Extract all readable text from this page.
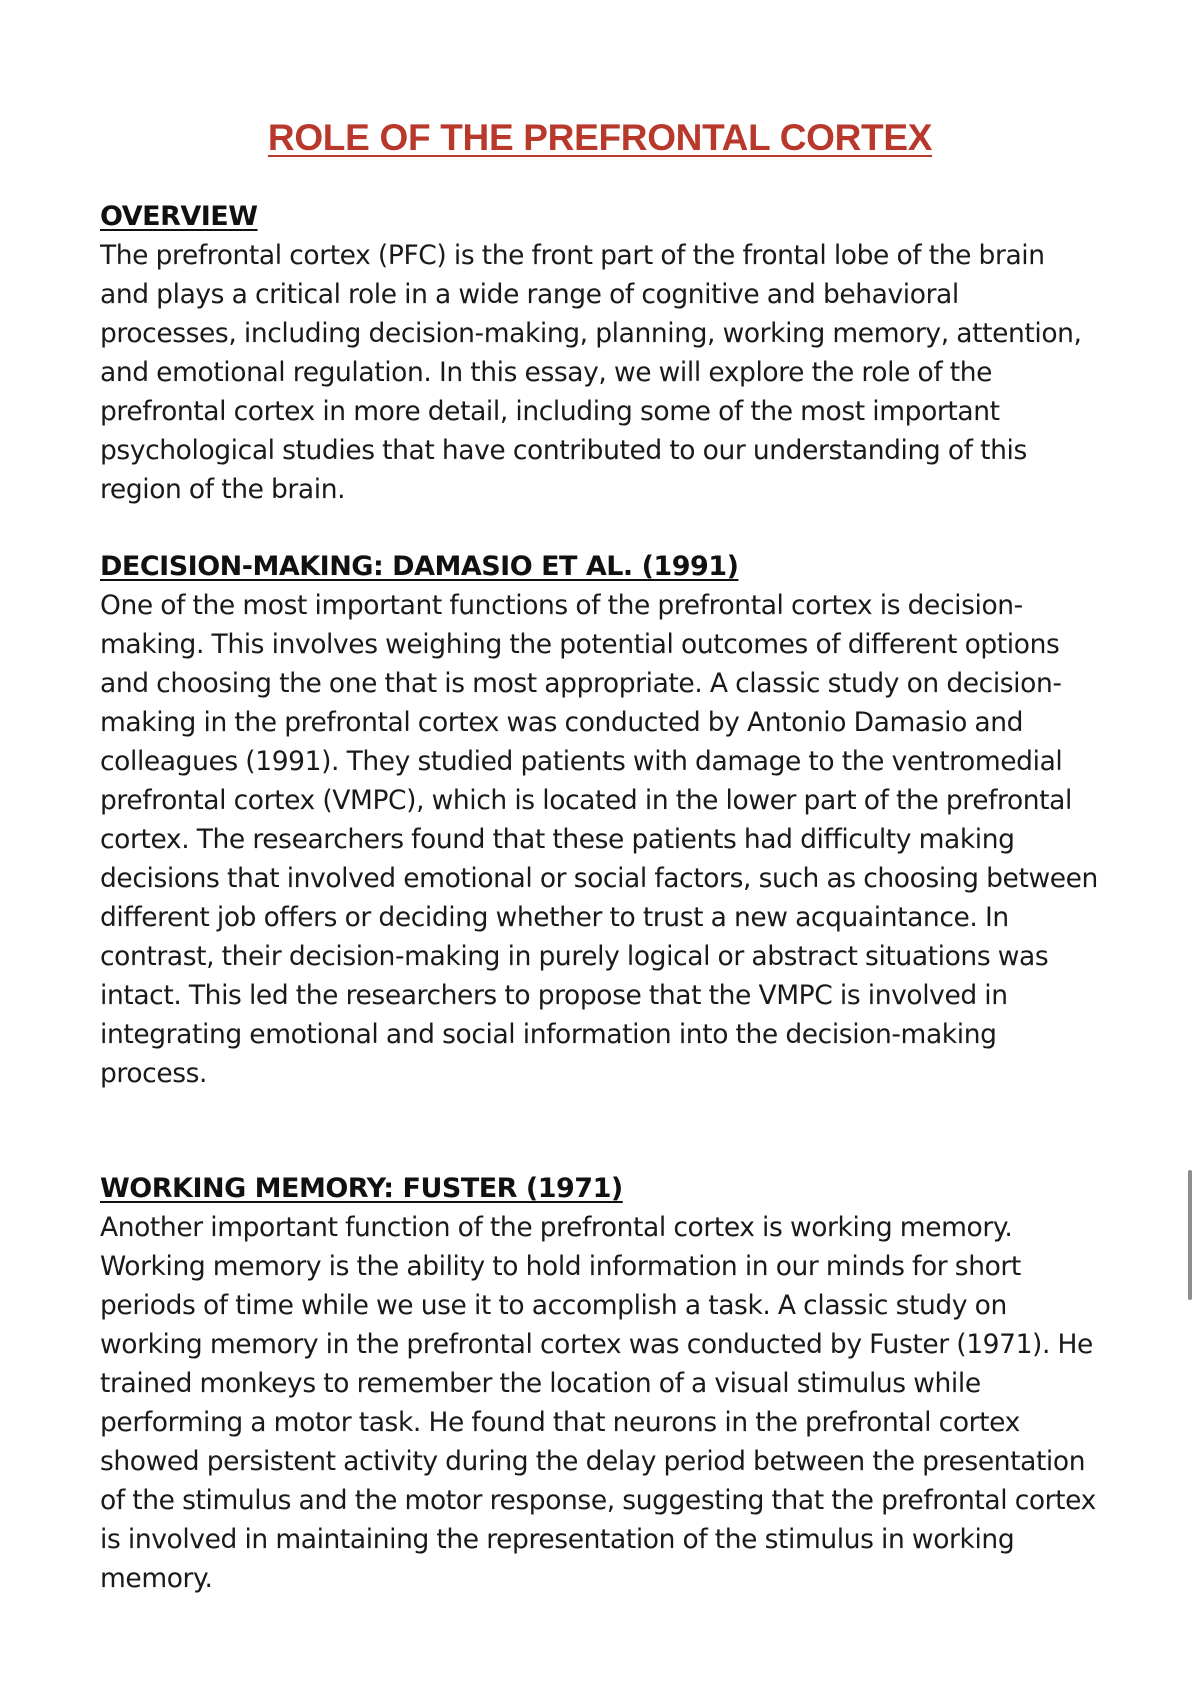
ROLE OF THE PREFRONTAL CORTEX
OVERVIEW

The prefrontal cortex (PFC) is the front part of the frontal lobe of the brain and plays a critical role in a wide range of cognitive and behavioral processes, including decision-making, planning, working memory, attention, and emotional regulation. In this essay, we will explore the role of the prefrontal cortex in more detail, including some of the most important psychological studies that have contributed to our understanding of this region of the brain.

DECISION-MAKING: DAMASIO ET AL. (1991)

One of the most important functions of the prefrontal cortex is decision-making. This involves weighing the potential outcomes of different options and choosing the one that is most appropriate. A classic study on decision-making in the prefrontal cortex was conducted by Antonio Damasio and colleagues (1991). They studied patients with damage to the ventromedial prefrontal cortex (VMPC), which is located in the lower part of the prefrontal cortex. The researchers found that these patients had difficulty making decisions that involved emotional or social factors, such as choosing between different job offers or deciding whether to trust a new acquaintance. In contrast, their decision-making in purely logical or abstract situations was intact. This led the researchers to propose that the VMPC is involved in integrating emotional and social information into the decision-making process.

WORKING MEMORY: FUSTER (1971)

Another important function of the prefrontal cortex is working memory. Working memory is the ability to hold information in our minds for short periods of time while we use it to accomplish a task. A classic study on working memory in the prefrontal cortex was conducted by Fuster (1971). He trained monkeys to remember the location of a visual stimulus while performing a motor task. He found that neurons in the prefrontal cortex showed persistent activity during the delay period between the presentation of the stimulus and the motor response, suggesting that the prefrontal cortex is involved in maintaining the representation of the stimulus in working memory.
